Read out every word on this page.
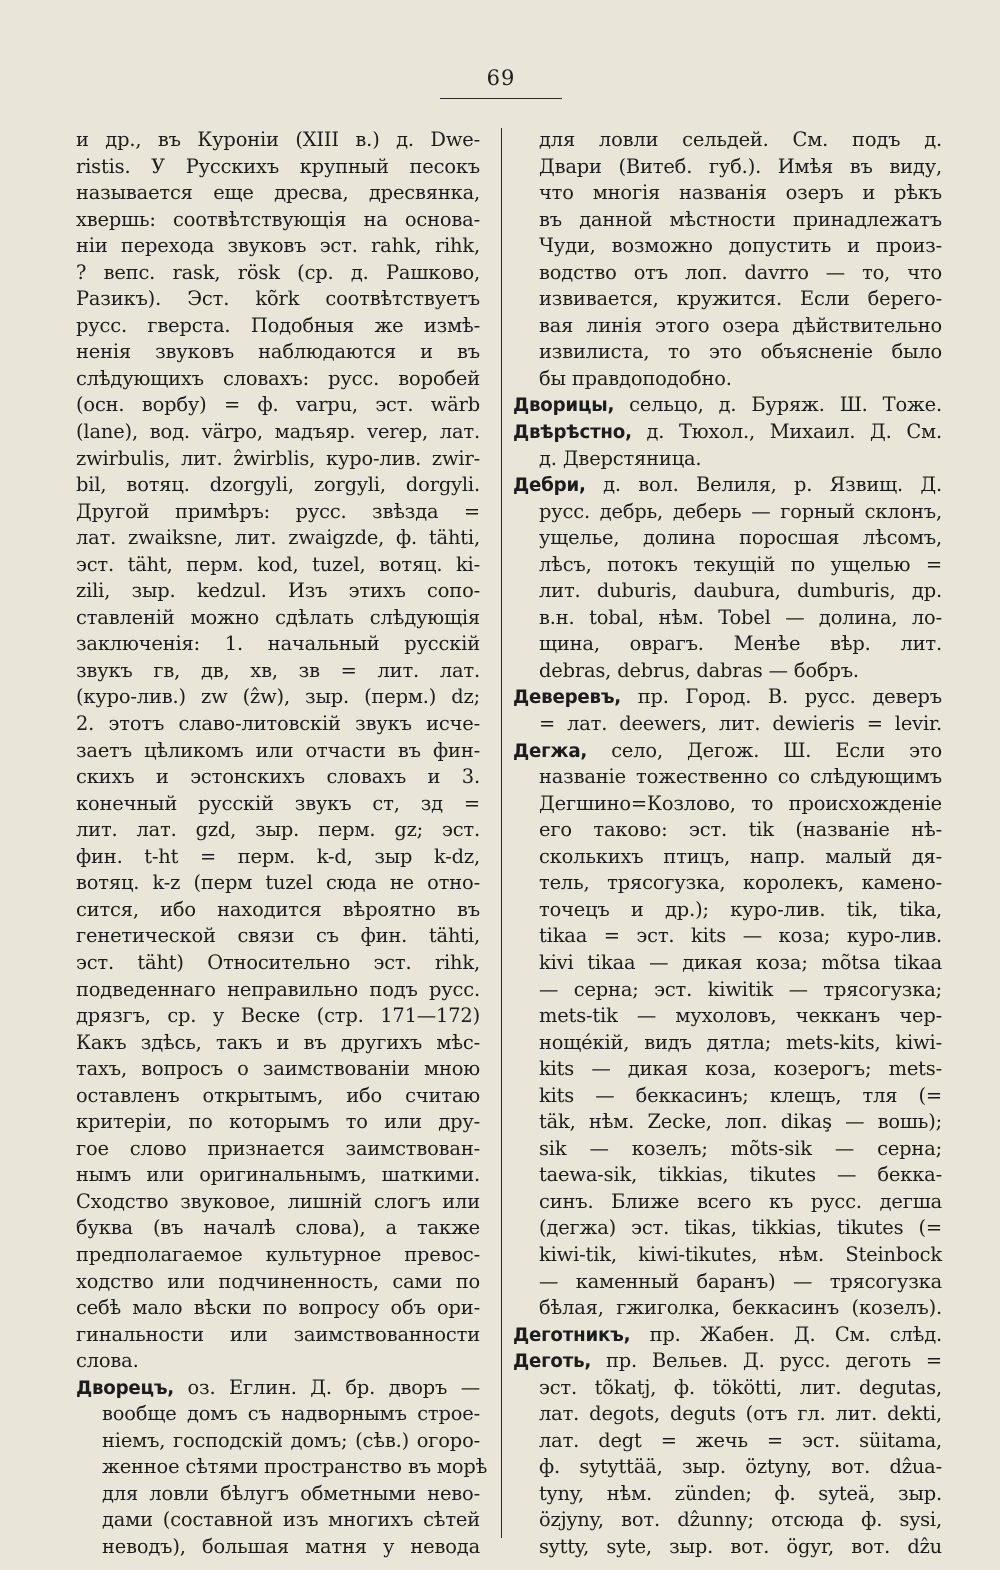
69
и др., въ Куроніи (XIII в.) д. Dwe-
ristis. У Русскихъ крупный песокъ
называется еще дресва, дресвянка,
хвершь: соотвѣтствующія на основа-
ніи перехода звуковъ эст. rahk, rihk,
? вепс. rask, rösk (ср. д. Рашково,
Разикъ). Эст. kõrk соотвѣтствуетъ
русс. гверста. Подобныя же измѣ-
ненія звуковъ наблюдаются и въ
слѣдующихъ словахъ: русс. воробей
(осн. ворбу) = ф. varpu, эст. wärb
(lane), вод. värpo, мадъяр. verep, лат.
zwirbulis, лит. ẑwirblis, куро-лив. zwir-
bil, вотяц. dzorgyli, zorgyli, dorgyli.
Другой примѣръ: русс. звѣзда =
лат. zwaiksne, лит. zwaigzde, ф. tähti,
эст. täht, перм. kod, tuzel, вотяц. ki-
zili, зыр. kedzul. Изъ этихъ сопо-
ставленій можно сдѣлать слѣдующія
заключенія: 1. начальный русскій
звукъ гв, дв, хв, зв = лит. лат.
(куро-лив.) zw (ẑw), зыр. (перм.) dz;
2. этотъ славо-литовскій звукъ исче-
заетъ цѣликомъ или отчасти въ фин-
скихъ и эстонскихъ словахъ и 3.
конечный русскій звукъ ст, зд =
лит. лат. gzd, зыр. перм. gz; эст.
фин. t-ht = перм. k-d, зыр k-dz,
вотяц. k-z (перм tuzel сюда не отно-
сится, ибо находится вѣроятно въ
генетической связи съ фин. tähti,
эст. täht) Относительно эст. rihk,
подведеннаго неправильно подъ русс.
дрязгъ, ср. у Веске (стр. 171—172)
Какъ здѣсь, такъ и въ другихъ мѣс-
тахъ, вопросъ о заимствованіи мною
оставленъ открытымъ, ибо считаю
критеріи, по которымъ то или дру-
гое слово признается заимствован-
нымъ или оригинальнымъ, шаткими.
Сходство звуковое, лишній слогъ или
буква (въ началѣ слова), а также
предполагаемое культурное превос-
ходство или подчиненность, сами по
себѣ мало вѣски по вопросу объ ори-
гинальности или заимствованности
слова.
Дворецъ, оз. Еглин. Д. бр. дворъ —
вообще домъ съ надворнымъ строе-
ніемъ, господскій домъ; (сѣв.) огоро-
женное сѣтями пространство въ морѣ
для ловли бѣлугъ обметными нево-
дами (составной изъ многихъ сѣтей
неводъ), большая матня у невода
для ловли сельдей. См. подъ д.
Двари (Витеб. губ.). Имѣя въ виду,
что многія названія озеръ и рѣкъ
въ данной мѣстности принадлежатъ
Чуди, возможно допустить и произ-
водство отъ лоп. davrro — то, что
извивается, кружится. Если берего-
вая линія этого озера дѣйствительно
извилиста, то это объясненіе было
бы правдоподобно.
Дворицы, сельцо, д. Буряж. Ш. Тоже.
Двѣрѣстно, д. Тюхол., Михаил. Д. См.
д. Дверстяница.
Дебри, д. вол. Велиля, р. Язвищ. Д.
русс. дебрь, деберь — горный склонъ,
ущелье, долина поросшая лѣсомъ,
лѣсъ, потокъ текущій по ущелью =
лит. duburis, daubura, dumburis, др.
в.н. tobal, нѣм. Tobel — долина, ло-
щина, оврагъ. Менѣе вѣр. лит.
debras, debrus, dabras — бобръ.
Деверевъ, пр. Город. В. русс. деверъ
= лат. deewers, лит. dewieris = levir.
Дегжа, село, Дегож. Ш. Если это
названіе тожественно со слѣдующимъ
Дегшино=Козлово, то происхожденіе
его таково: эст. tik (названіе нѣ-
сколькихъ птицъ, напр. малый дя-
тель, трясогузка, королекъ, камено-
точецъ и др.); куро-лив. tik, tika,
tikaa = эст. kits — коза; куро-лив.
kivi tikaa — дикая коза; mõtsa tikaa
— серна; эст. kiwitik — трясогузка;
mets-tik — мухоловъ, чекканъ чер-
ноще́кій, видъ дятла; mets-kits, kiwi-
kits — дикая коза, козерогъ; mets-
kits — беккасинъ; клещъ, тля (=
täk, нѣм. Zecke, лоп. dikaş — вошь);
sik — козелъ; mõts-sik — серна;
taewa-sik, tikkias, tikutes — бекка-
синъ. Ближе всего къ русс. дегша
(дегжа) эст. tikas, tikkias, tikutes (=
kiwi-tik, kiwi-tikutes, нѣм. Steinbock
— каменный баранъ) — трясогузка
бѣлая, гжиголка, беккасинъ (козелъ).
Деготникъ, пр. Жабен. Д. См. слѣд.
Деготь, пр. Вельев. Д. русс. деготь =
эст. tõkatj, ф. tökötti, лит. degutas,
лат. degots, deguts (отъ гл. лит. dekti,
лат. degt = жечь = эст. süitama,
ф. sytyttää, зыр. öztyny, вот. dẑua-
tyny, нѣм. zünden; ф. syteä, зыр.
özjyny, вот. dẑunny; отсюда ф. sysi,
sytty, syte, зыр. вот. ögyr, вот. dẑu
